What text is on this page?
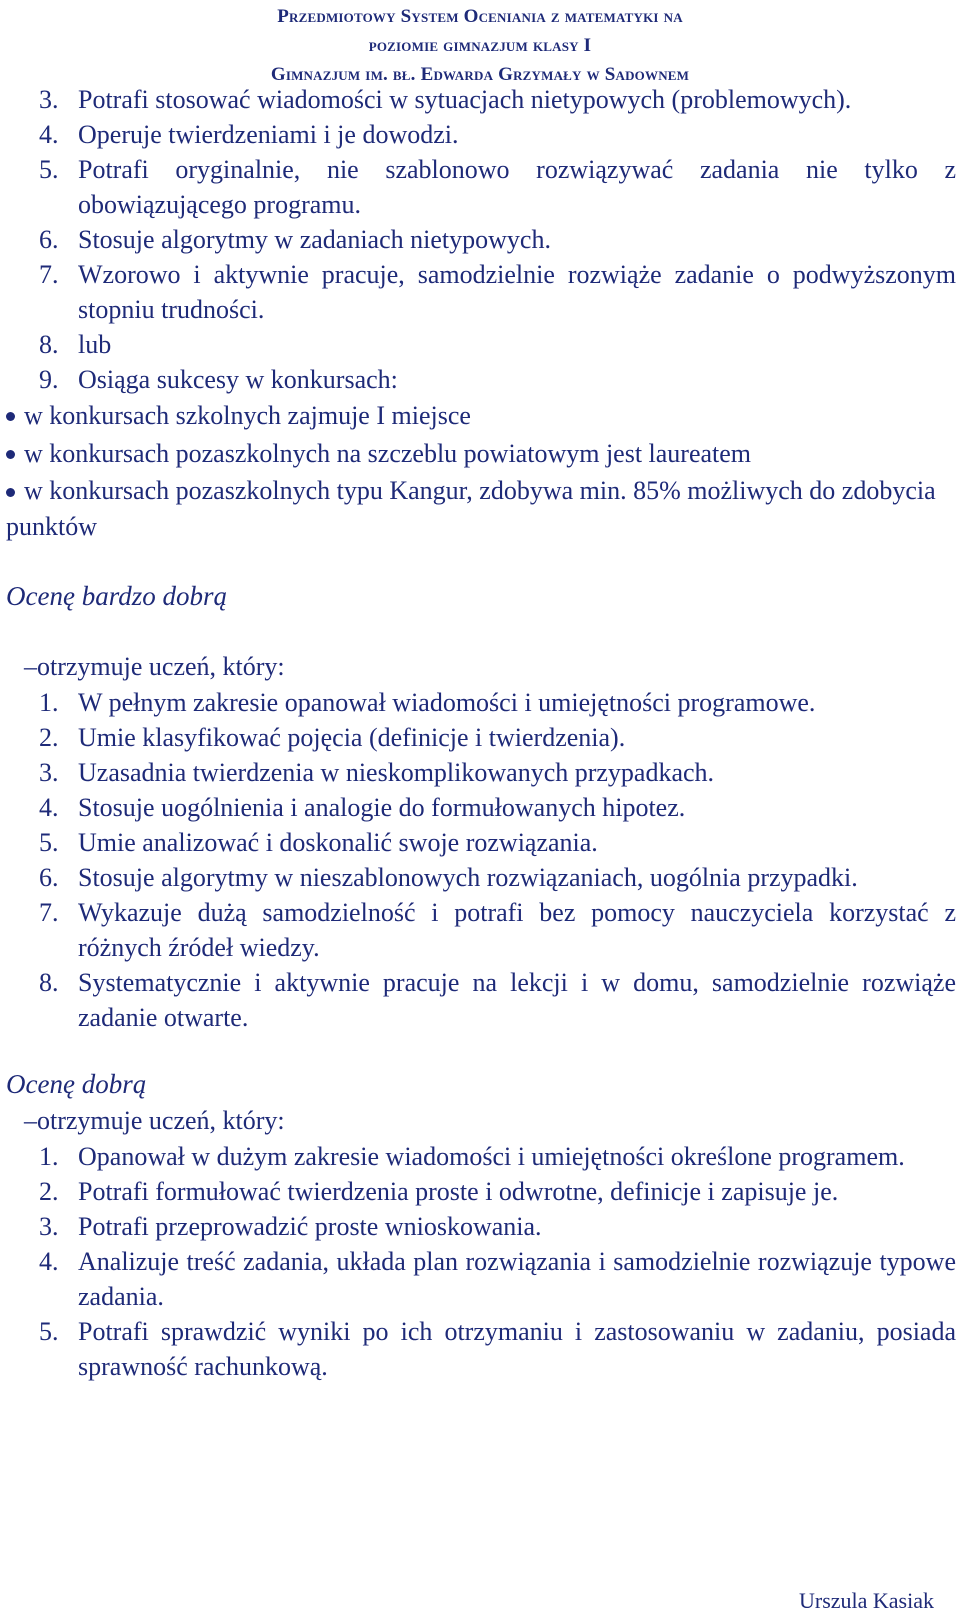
Przedmiotowy System Oceniania z matematyki na
poziomie gimnazjum klasy I
Gimnazjum im. bł. Edwarda Grzymały w Sadownem
3. Potrafi stosować wiadomości w sytuacjach nietypowych (problemowych).
4. Operuje twierdzeniami i je dowodzi.
5. Potrafi oryginalnie, nie szablonowo rozwiązywać zadania nie tylko z obowiązującego programu.
6. Stosuje algorytmy w zadaniach nietypowych.
7. Wzorowo i aktywnie pracuje, samodzielnie rozwiąże zadanie o podwyższonym stopniu trudności.
8. lub
9. Osiąga sukcesy w konkursach:
w konkursach szkolnych zajmuje I miejsce
w konkursach pozaszkolnych na szczeblu powiatowym jest laureatem
w konkursach pozaszkolnych typu Kangur, zdobywa min. 85% możliwych do zdobycia punktów
Ocenę bardzo dobrą
–otrzymuje uczeń, który:
1. W pełnym zakresie opanował wiadomości i umiejętności programowe.
2. Umie klasyfikować pojęcia (definicje i twierdzenia).
3. Uzasadnia twierdzenia w nieskomplikowanych przypadkach.
4. Stosuje uogólnienia i analogie do formułowanych hipotez.
5. Umie analizować i doskonalić swoje rozwiązania.
6. Stosuje algorytmy w nieszablonowych rozwiązaniach, uogólnia przypadki.
7. Wykazuje dużą samodzielność i potrafi bez pomocy nauczyciela korzystać z różnych źródeł wiedzy.
8. Systematycznie i aktywnie pracuje na lekcji i w domu, samodzielnie rozwiąże zadanie otwarte.
Ocenę dobrą
–otrzymuje uczeń, który:
1. Opanował w dużym zakresie wiadomości i umiejętności określone programem.
2. Potrafi formułować twierdzenia proste i odwrotne, definicje i zapisuje je.
3. Potrafi przeprowadzić proste wnioskowania.
4. Analizuje treść zadania, układa plan rozwiązania i samodzielnie rozwiązuje typowe zadania.
5. Potrafi sprawdzić wyniki po ich otrzymaniu i zastosowaniu w zadaniu, posiada sprawność rachunkową.
Urszula Kasiak
